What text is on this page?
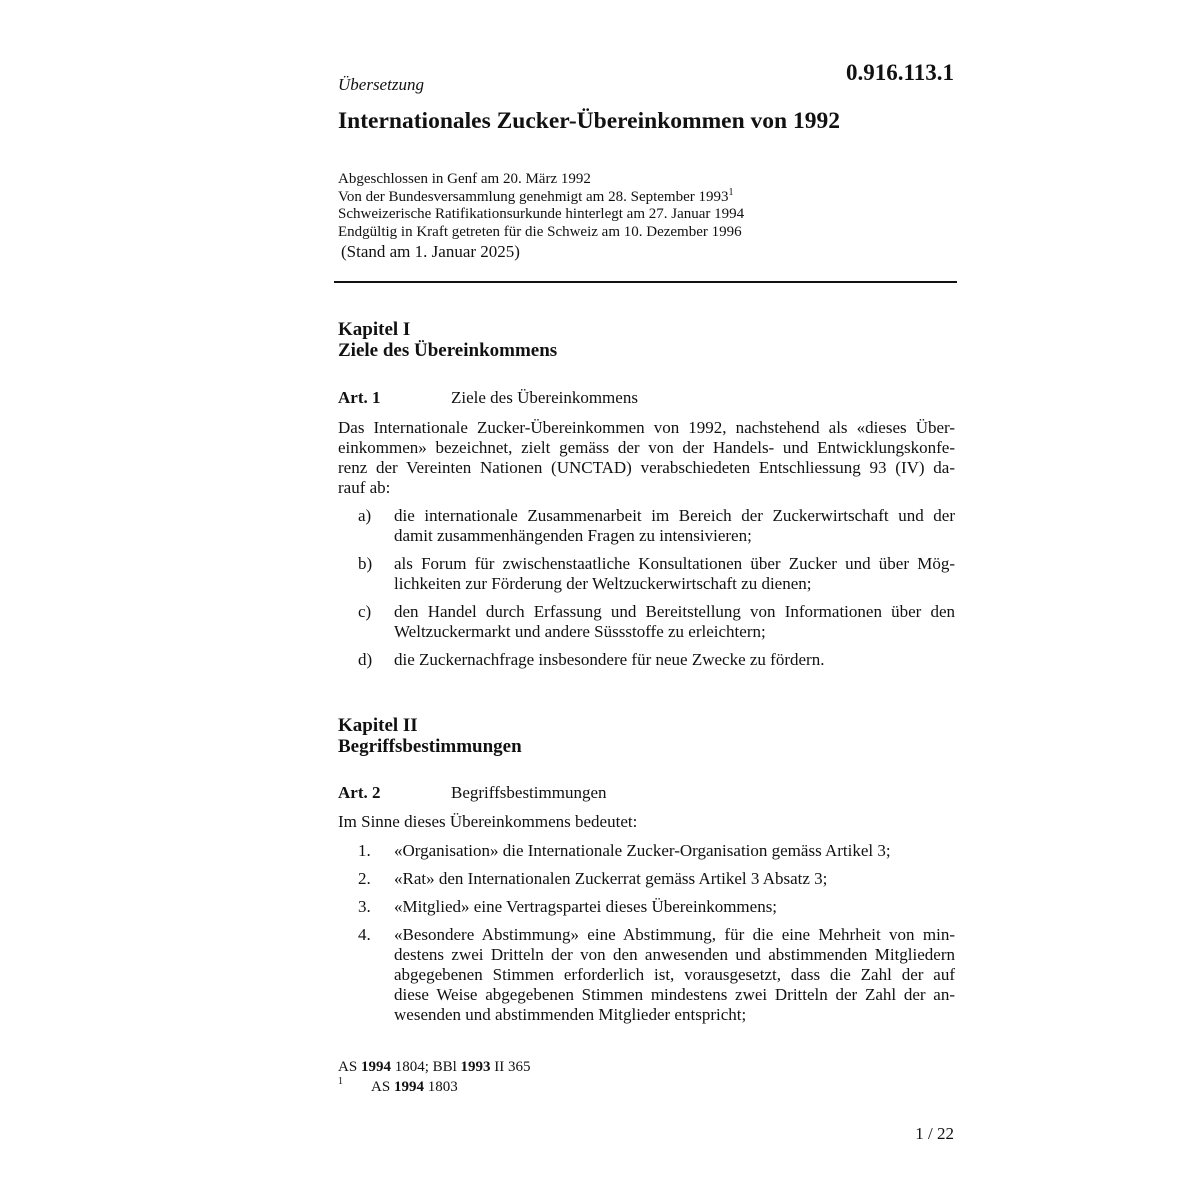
Übersetzung	0.916.113.1
Internationales Zucker-Übereinkommen von 1992
Abgeschlossen in Genf am 20. März 1992
Von der Bundesversammlung genehmigt am 28. September 1993$^1$
Schweizerische Ratifikationsurkunde hinterlegt am 27. Januar 1994
Endgültig in Kraft getreten für die Schweiz am 10. Dezember 1996
(Stand am 1. Januar 2025)
Kapitel I
Ziele des Übereinkommens
Art. 1	Ziele des Übereinkommens
Das Internationale Zucker-Übereinkommen von 1992, nachstehend als «dieses Über-
einkommen» bezeichnet, zielt gemäss der von der Handels- und Entwicklungskonfe-
renz der Vereinten Nationen (UNCTAD) verabschiedeten Entschliessung 93 (IV) da-
rauf ab:
a) die internationale Zusammenarbeit im Bereich der Zuckerwirtschaft und der
damit zusammenhängenden Fragen zu intensivieren;
b) als Forum für zwischenstaatliche Konsultationen über Zucker und über Mög-
lichkeiten zur Förderung der Weltzuckerwirtschaft zu dienen;
c) den Handel durch Erfassung und Bereitstellung von Informationen über den
Weltzuckermarkt und andere Süssstoffe zu erleichtern;
d) die Zuckernachfrage insbesondere für neue Zwecke zu fördern.
Kapitel II
Begriffsbestimmungen
Art. 2	Begriffsbestimmungen
Im Sinne dieses Übereinkommens bedeutet:
1. «Organisation» die Internationale Zucker-Organisation gemäss Artikel 3;
2. «Rat» den Internationalen Zuckerrat gemäss Artikel 3 Absatz 3;
3. «Mitglied» eine Vertragspartei dieses Übereinkommens;
4. «Besondere Abstimmung» eine Abstimmung, für die eine Mehrheit von min-
destens zwei Dritteln der von den anwesenden und abstimmenden Mitgliedern
abgegebenen Stimmen erforderlich ist, vorausgesetzt, dass die Zahl der auf
diese Weise abgegebenen Stimmen mindestens zwei Dritteln der Zahl der an-
wesenden und abstimmenden Mitglieder entspricht;
AS 1994 1804; BBl 1993 II 365
1 AS 1994 1803
1 / 22
